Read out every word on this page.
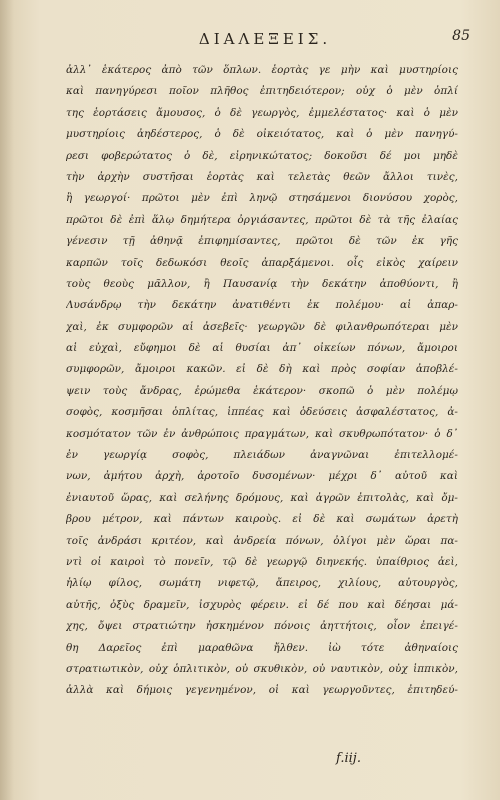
ΔΙΑΛΕΞΕΙΣ.	85
ἀλλ᾽ ἑκάτερος ἀπὸ τῶν ὅπλων. ἑορτὰς γε μὴν καὶ μυστηρίοις
καὶ πανηγύρεσι ποῖον πλῆθος ἐπιτηδειότερον; οὐχ ὁ μὲν ὁπλί
της ἑορτάσεις ἄμουσος, ὁ δὲ γεωργὸς, ἐμμελέστατος· καὶ ὁ μὲν
μυστηρίοις ἀηδέστερος, ὁ δὲ οἰκειότατος, καὶ ὁ μὲν πανηγύ-
ρεσι φοβερώτατος ὁ δὲ, εἰρηνικώτατος; δοκοῦσι δέ μοι μηδὲ
τὴν ἀρχὴν συστῆσαι ἑορτὰς καὶ τελετὰς θεῶν ἄλλοι τινὲς,
ἢ γεωργοί· πρῶτοι μὲν ἐπὶ ληνῷ στησάμενοι διονύσου χορὸς,
πρῶτοι δὲ ἐπὶ ἅλῳ δημήτερα ὀργιάσαντες, πρῶτοι δὲ τὰ τῆς ἐλαίας
γένεσιν τῇ ἀθηνᾷ ἐπιφημίσαντες, πρῶτοι δὲ τῶν ἐκ γῆς
καρπῶν τοῖς δεδωκόσι θεοῖς ἀπαρξάμενοι. οἷς εἰκὸς χαίρειν
τοὺς θεοὺς μᾶλλον, ἢ Παυσανίᾳ τὴν δεκάτην ἀποθύοντι, ἢ
Λυσάνδρῳ τὴν δεκάτην ἀνατιθέντι ἐκ πολέμου· αἱ ἀπαρ-
χαὶ, ἐκ συμφορῶν αἱ ἀσεβεῖς· γεωργῶν δὲ φιλανθρωπότεραι μὲν
αἱ εὐχαὶ, εὔφημοι δὲ αἱ θυσίαι ἀπ᾽ οἰκείων πόνων, ἄμοιροι
συμφορῶν, ἄμοιροι κακῶν. εἰ δὲ δὴ καὶ πρὸς σοφίαν ἀποβλέ-
ψειν τοὺς ἄνδρας, ἐρώμεθα ἑκάτερον· σκοπῶ ὁ μὲν πολέμῳ
σοφὸς, κοσμῆσαι ὁπλίτας, ἱππέας καὶ ὁδεύσεις ἀσφαλέστατος, ἀ-
κοσμότατον τῶν ἐν ἀνθρώποις πραγμάτων, καὶ σκυθρωπότατον· ὁ δ᾽
ἐν γεωργίᾳ σοφὸς, πλειάδων ἀναγνῶναι ἐπιτελλομέ-
νων, ἀμήτου ἀρχὴ, ἀροτοῖο δυσομένων· μέχρι δ᾽ αὐτοῦ καὶ
ἐνιαυτοῦ ὥρας, καὶ σελήνης δρόμους, καὶ ἀγρῶν ἐπιτολὰς, καὶ ὄμ-
βρου μέτρον, καὶ πάντων καιροὺς. εἰ δὲ καὶ σωμάτων ἀρετὴ
τοῖς ἀνδράσι κριτέον, καὶ ἀνδρεία πόνων, ὀλίγοι μὲν ὥραι πα-
ντὶ οἱ καιροὶ τὸ πονεῖν, τῷ δὲ γεωργῷ διηνεκής. ὑπαίθριος ἀεὶ,
ἡλίῳ φίλος, σωμάτη νιφετῷ, ἄπειρος, χιλίους, αὐτουργὸς,
αὐτῆς, ὀξὺς δραμεῖν, ἰσχυρὸς φέρειν. εἰ δέ που καὶ δέησαι μά-
χης, ὄψει στρατιώτην ἠσκημένον πόνοις ἀηττήτοις, οἷον ἐπειγέ-
θη Δαρεῖος ἐπὶ μαραθῶνα ἤλθεν. ἰὼ τότε ἀθηναίοις
στρατιωτικὸν, οὐχ ὁπλιτικὸν, οὐ σκυθικὸν, οὐ ναυτικὸν, οὐχ ἱππικὸν,
ἀλλὰ καὶ δήμοις γεγενημένον, οἱ καὶ γεωργοῦντες, ἐπιτηδεύ-
f.iij.
